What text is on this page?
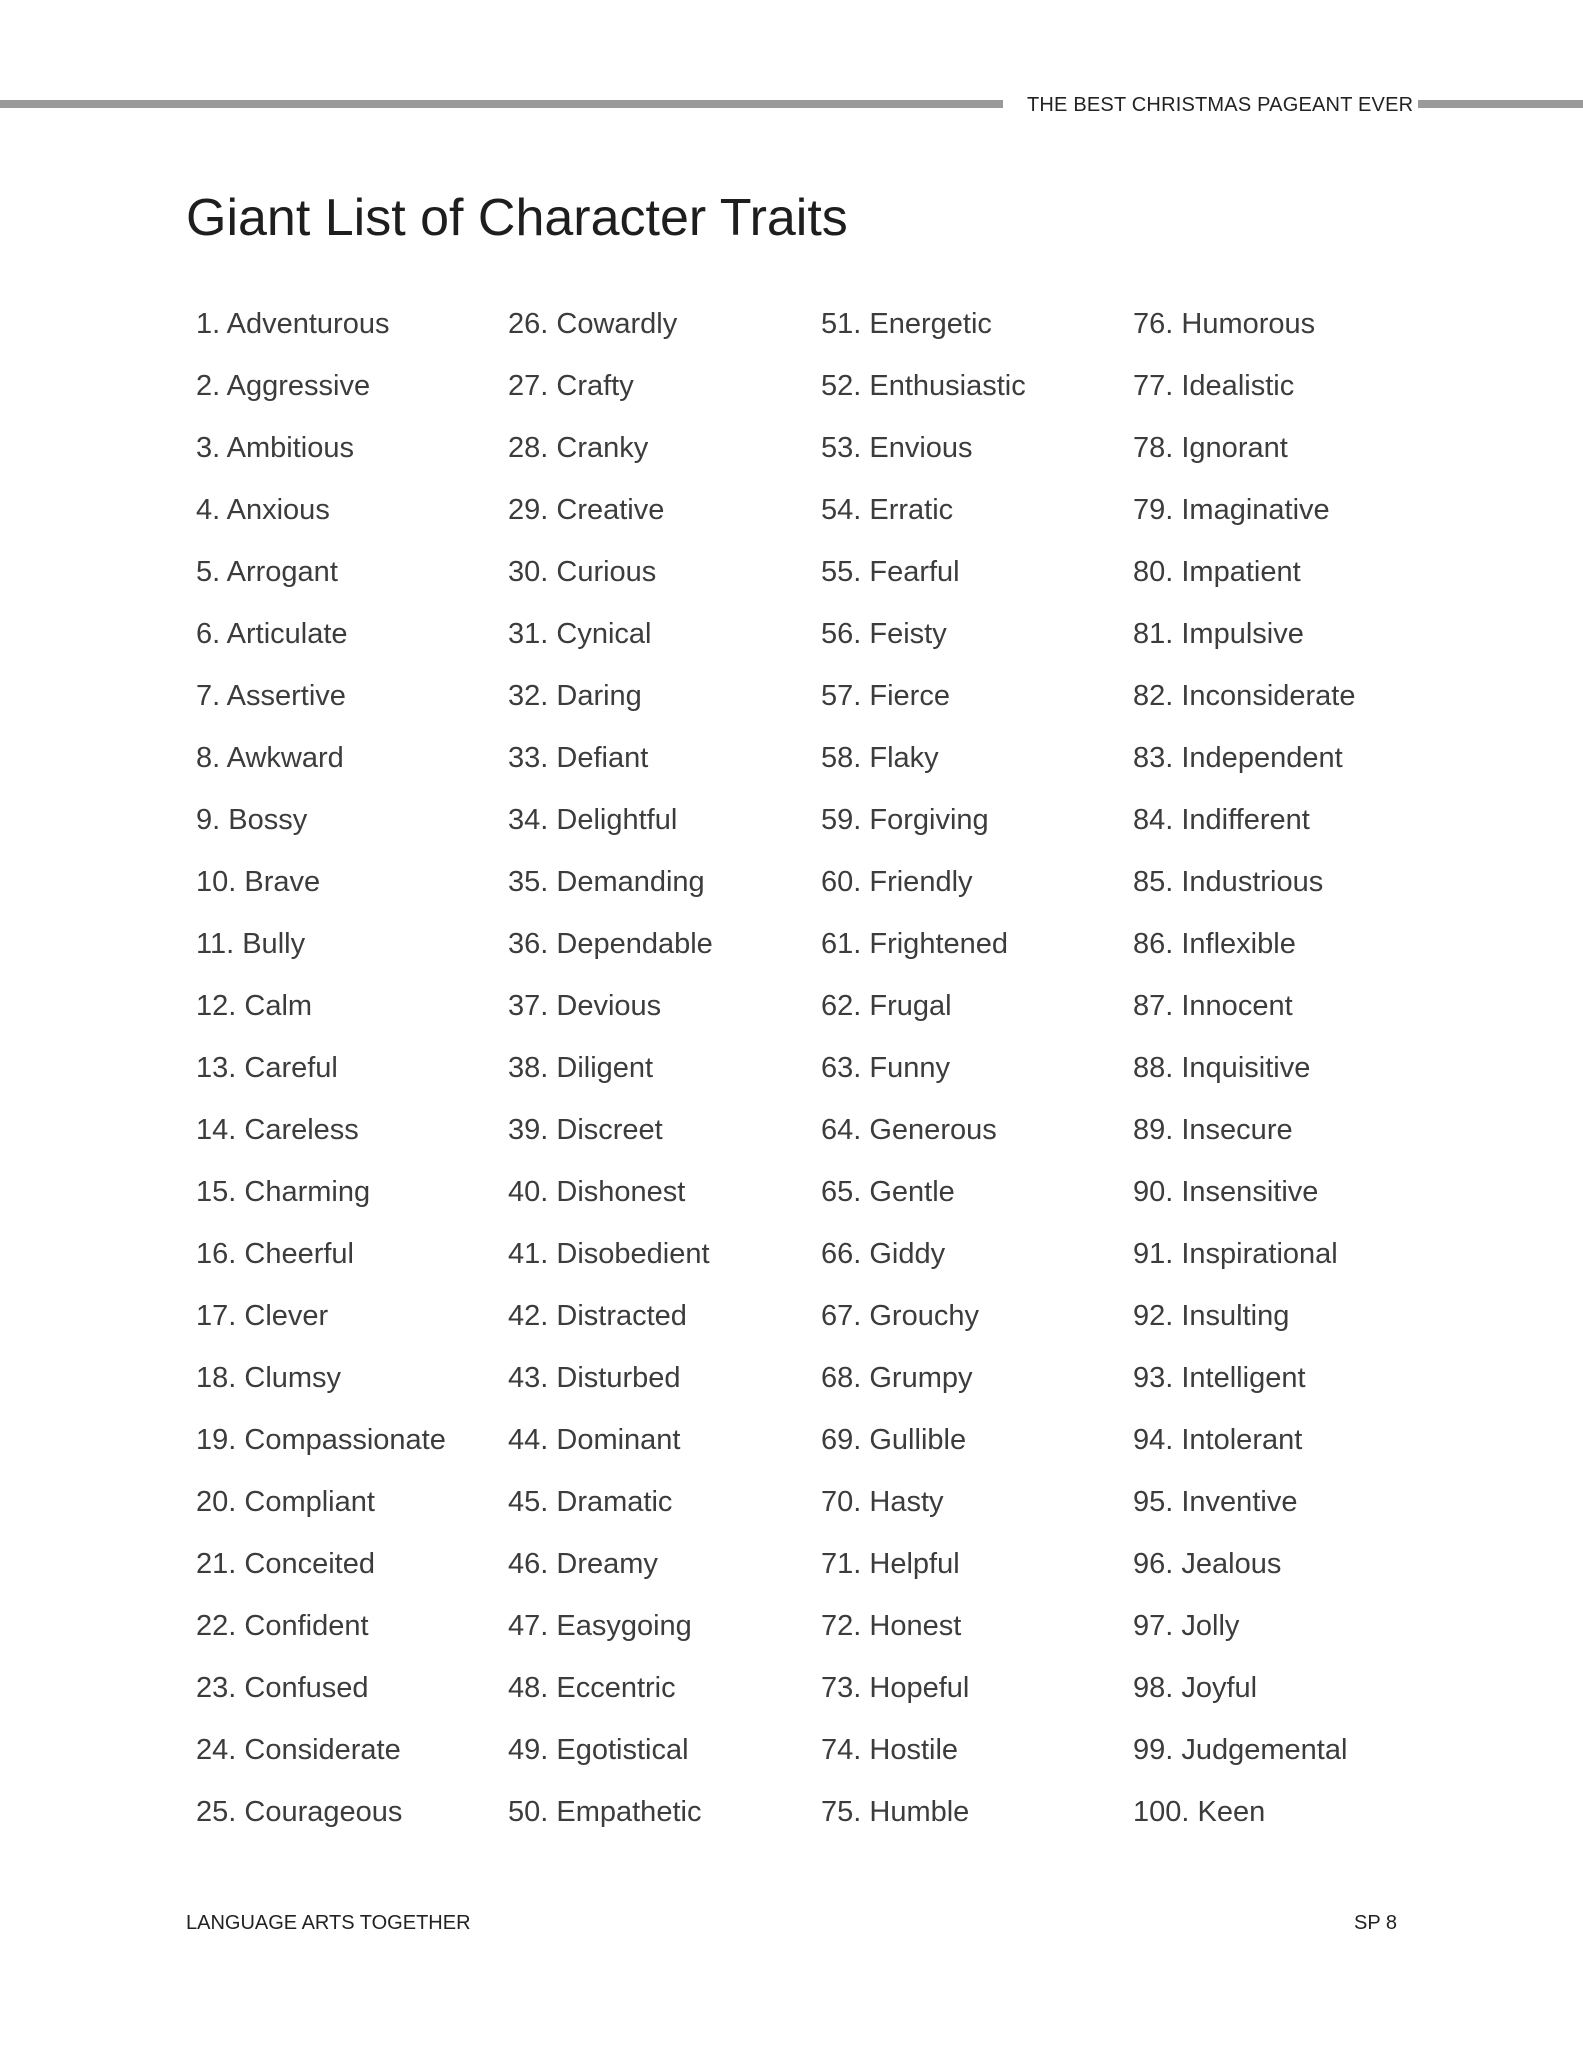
THE BEST CHRISTMAS PAGEANT EVER
Giant List of Character Traits
1. Adventurous
2. Aggressive
3. Ambitious
4. Anxious
5. Arrogant
6. Articulate
7. Assertive
8. Awkward
9. Bossy
10. Brave
11. Bully
12. Calm
13. Careful
14. Careless
15. Charming
16. Cheerful
17. Clever
18. Clumsy
19. Compassionate
20. Compliant
21. Conceited
22. Confident
23. Confused
24. Considerate
25. Courageous
26. Cowardly
27. Crafty
28. Cranky
29. Creative
30. Curious
31. Cynical
32. Daring
33. Defiant
34. Delightful
35. Demanding
36. Dependable
37. Devious
38. Diligent
39. Discreet
40. Dishonest
41. Disobedient
42. Distracted
43. Disturbed
44. Dominant
45. Dramatic
46. Dreamy
47. Easygoing
48. Eccentric
49. Egotistical
50. Empathetic
51. Energetic
52. Enthusiastic
53. Envious
54. Erratic
55. Fearful
56. Feisty
57. Fierce
58. Flaky
59. Forgiving
60. Friendly
61. Frightened
62. Frugal
63. Funny
64. Generous
65. Gentle
66. Giddy
67. Grouchy
68. Grumpy
69. Gullible
70. Hasty
71. Helpful
72. Honest
73. Hopeful
74. Hostile
75. Humble
76. Humorous
77. Idealistic
78. Ignorant
79. Imaginative
80. Impatient
81. Impulsive
82. Inconsiderate
83. Independent
84. Indifferent
85. Industrious
86. Inflexible
87. Innocent
88. Inquisitive
89. Insecure
90. Insensitive
91. Inspirational
92. Insulting
93. Intelligent
94. Intolerant
95. Inventive
96. Jealous
97. Jolly
98. Joyful
99. Judgemental
100. Keen
LANGUAGE ARTS TOGETHER	SP 8
